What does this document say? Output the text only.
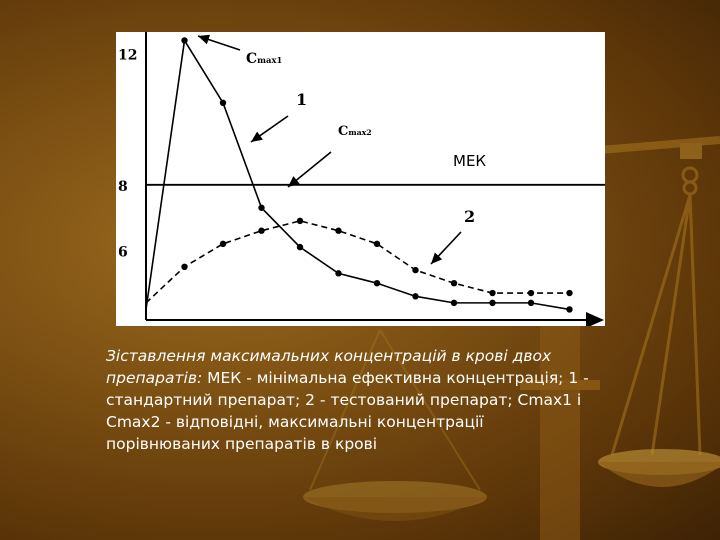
МЕК
12
8
6
Cmax1
1
Cmax2
2
Зіставлення максимальних концентрацій в крові двох препаратів: МЕК - мінімальна ефективна концентрація; 1 - стандартний препарат; 2 - тестований препарат; Cmax1 і Cmax2 - відповідні, максимальні концентрації порівнюваних препаратів в крові
